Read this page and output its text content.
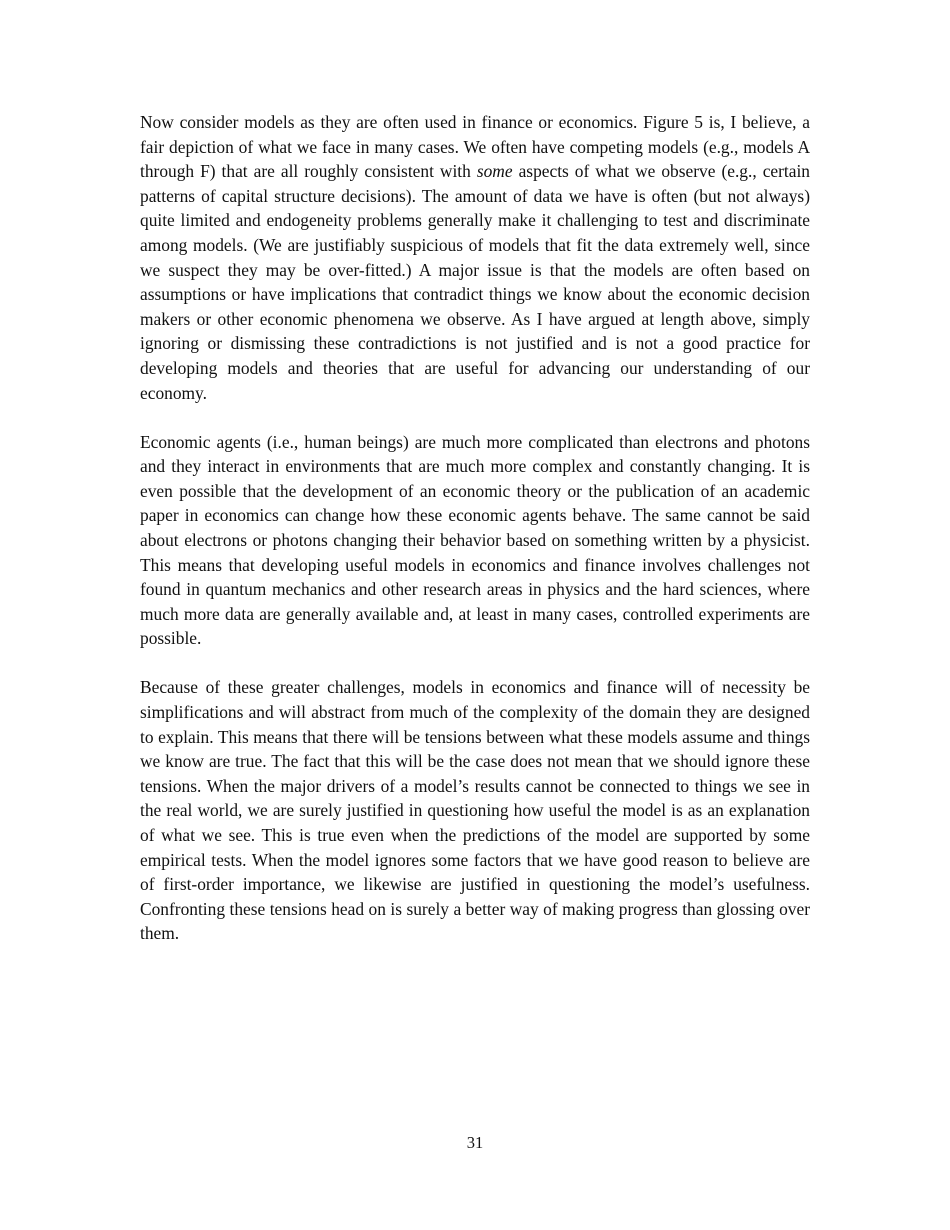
Now consider models as they are often used in finance or economics. Figure 5 is, I believe, a fair depiction of what we face in many cases. We often have competing models (e.g., models A through F) that are all roughly consistent with some aspects of what we observe (e.g., certain patterns of capital structure decisions). The amount of data we have is often (but not always) quite limited and endogeneity problems generally make it challenging to test and discriminate among models. (We are justifiably suspicious of models that fit the data extremely well, since we suspect they may be over-fitted.) A major issue is that the models are often based on assumptions or have implications that contradict things we know about the economic decision makers or other economic phenomena we observe. As I have argued at length above, simply ignoring or dismissing these contradictions is not justified and is not a good practice for developing models and theories that are useful for advancing our understanding of our economy.

Economic agents (i.e., human beings) are much more complicated than electrons and photons and they interact in environments that are much more complex and constantly changing. It is even possible that the development of an economic theory or the publication of an academic paper in economics can change how these economic agents behave. The same cannot be said about electrons or photons changing their behavior based on something written by a physicist. This means that developing useful models in economics and finance involves challenges not found in quantum mechanics and other research areas in physics and the hard sciences, where much more data are generally available and, at least in many cases, controlled experiments are possible.

Because of these greater challenges, models in economics and finance will of necessity be simplifications and will abstract from much of the complexity of the domain they are designed to explain. This means that there will be tensions between what these models assume and things we know are true. The fact that this will be the case does not mean that we should ignore these tensions. When the major drivers of a model’s results cannot be connected to things we see in the real world, we are surely justified in questioning how useful the model is as an explanation of what we see. This is true even when the predictions of the model are supported by some empirical tests. When the model ignores some factors that we have good reason to believe are of first-order importance, we likewise are justified in questioning the model’s usefulness. Confronting these tensions head on is surely a better way of making progress than glossing over them.

31
